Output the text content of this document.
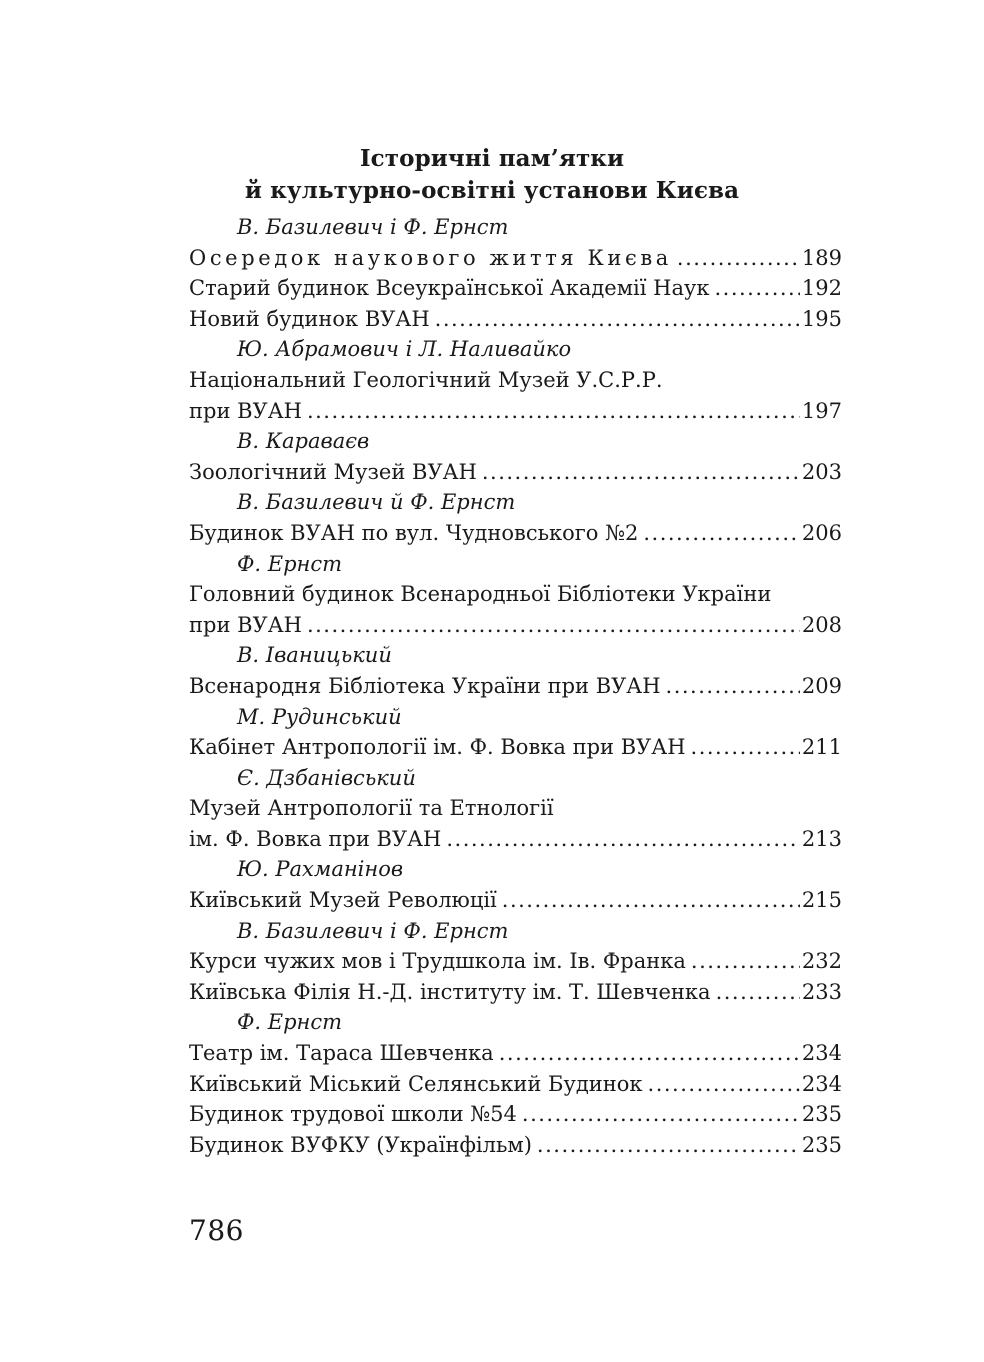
Історичні пам’ятки
й культурно-освітні установи Києва
В. Базилевич і Ф. Ернст
Осередок наукового життя Києва .....	189
Старий будинок Всеукраїнської Академії Наук .....	192
Новий будинок ВУАН .....	195
Ю. Абрамович і Л. Наливайко
Національний Геологічний Музей У.С.Р.Р.
при ВУАН .....	197
В. Караваєв
Зоологічний Музей ВУАН .....	203
В. Базилевич й Ф. Ернст
Будинок ВУАН по вул. Чудновського №2 .....	206
Ф. Ернст
Головний будинок Всенародньої Бібліотеки України
при ВУАН .....	208
В. Іваницький
Всенародня Бібліотека України при ВУАН .....	209
М. Рудинський
Кабінет Антропології ім. Ф. Вовка при ВУАН .....	211
Є. Дзбанівський
Музей Антропології та Етнології
ім. Ф. Вовка при ВУАН .....	213
Ю. Рахманінов
Київський Музей Революції .....	215
В. Базилевич і Ф. Ернст
Курси чужих мов і Трудшкола ім. Ів. Франка .....	232
Київська Філія Н.-Д. інституту ім. Т. Шевченка .....	233
Ф. Ернст
Театр ім. Тараса Шевченка .....	234
Київський Міський Селянський Будинок .....	234
Будинок трудової школи №54 .....	235
Будинок ВУФКУ (Українфільм) .....	235
786
